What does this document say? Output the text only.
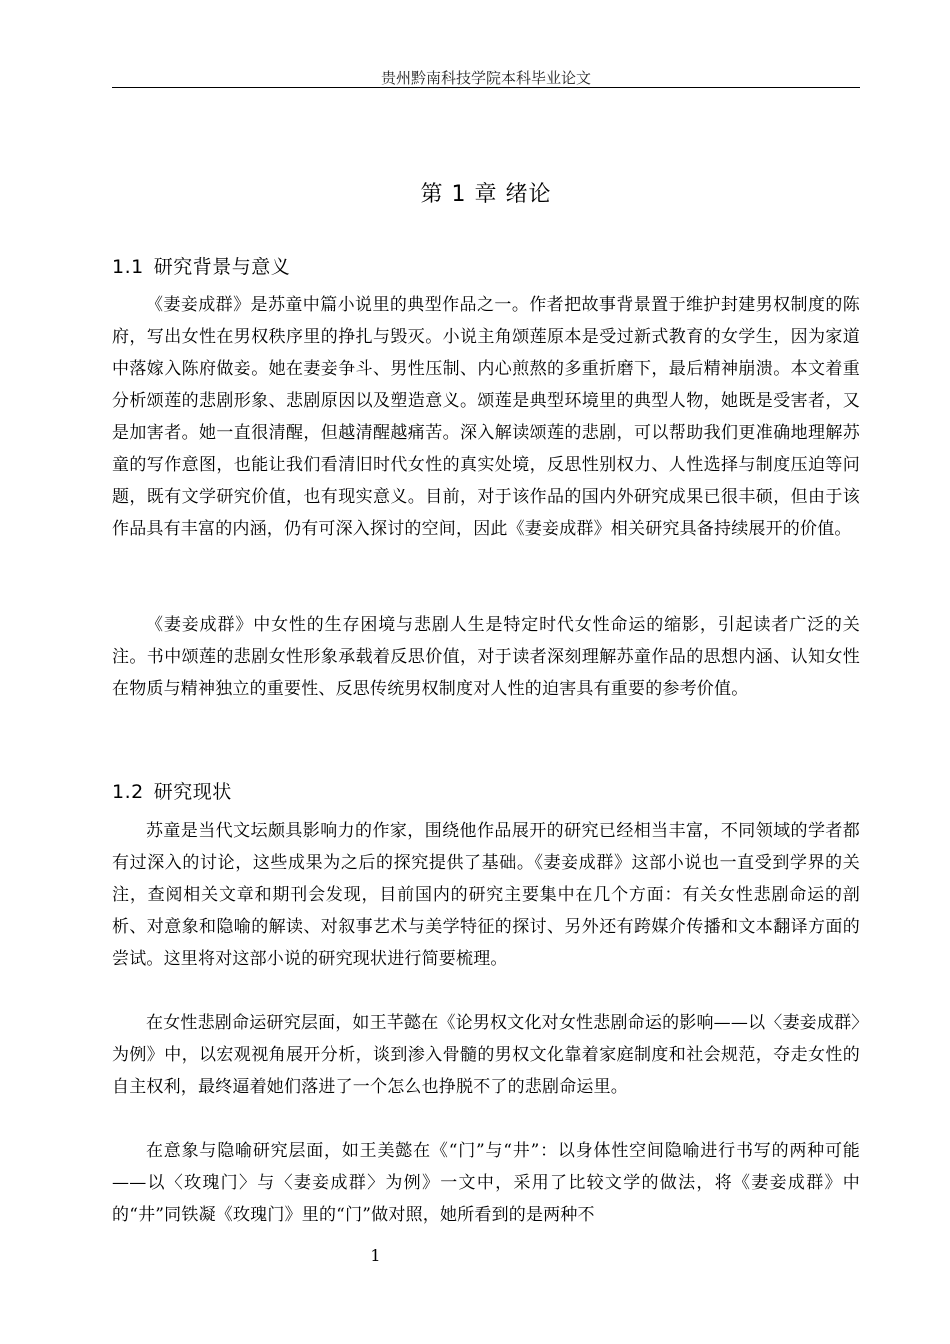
贵州黔南科技学院本科毕业论文
第 1 章 绪论
1.1 研究背景与意义

《妻妾成群》是苏童中篇小说里的典型作品之一。作者把故事背景置于维护封建男权制度的陈府，写出女性在男权秩序里的挣扎与毁灭。小说主角颂莲原本是受过新式教育的女学生，因为家道中落嫁入陈府做妾。她在妻妾争斗、男性压制、内心煎熬的多重折磨下，最后精神崩溃。本文着重分析颂莲的悲剧形象、悲剧原因以及塑造意义。颂莲是典型环境里的典型人物，她既是受害者，又是加害者。她一直很清醒，但越清醒越痛苦。深入解读颂莲的悲剧，可以帮助我们更准确地理解苏童的写作意图，也能让我们看清旧时代女性的真实处境，反思性别权力、人性选择与制度压迫等问题，既有文学研究价值，也有现实意义。目前，对于该作品的国内外研究成果已很丰硕，但由于该作品具有丰富的内涵，仍有可深入探讨的空间，因此《妻妾成群》相关研究具备持续展开的价值。

《妻妾成群》中女性的生存困境与悲剧人生是特定时代女性命运的缩影，引起读者广泛的关注。书中颂莲的悲剧女性形象承载着反思价值，对于读者深刻理解苏童作品的思想内涵、认知女性在物质与精神独立的重要性、反思传统男权制度对人性的迫害具有重要的参考价值。

1.2 研究现状

苏童是当代文坛颇具影响力的作家，围绕他作品展开的研究已经相当丰富，不同领域的学者都有过深入的讨论，这些成果为之后的探究提供了基础。《妻妾成群》这部小说也一直受到学界的关注，查阅相关文章和期刊会发现，目前国内的研究主要集中在几个方面：有关女性悲剧命运的剖析、对意象和隐喻的解读、对叙事艺术与美学特征的探讨、另外还有跨媒介传播和文本翻译方面的尝试。这里将对这部小说的研究现状进行简要梳理。

在女性悲剧命运研究层面，如王芊懿在《论男权文化对女性悲剧命运的影响——以〈妻妾成群〉为例》中，以宏观视角展开分析，谈到渗入骨髓的男权文化靠着家庭制度和社会规范，夺走女性的自主权利，最终逼着她们落进了一个怎么也挣脱不了的悲剧命运里。

在意象与隐喻研究层面，如王美懿在《“门”与“井”：以身体性空间隐喻进行书写的两种可能——以〈玫瑰门〉与〈妻妾成群〉为例》一文中，采用了比较文学的做法，将《妻妾成群》中的“井”同铁凝《玫瑰门》里的“门”做对照，她所看到的是两种不

1
